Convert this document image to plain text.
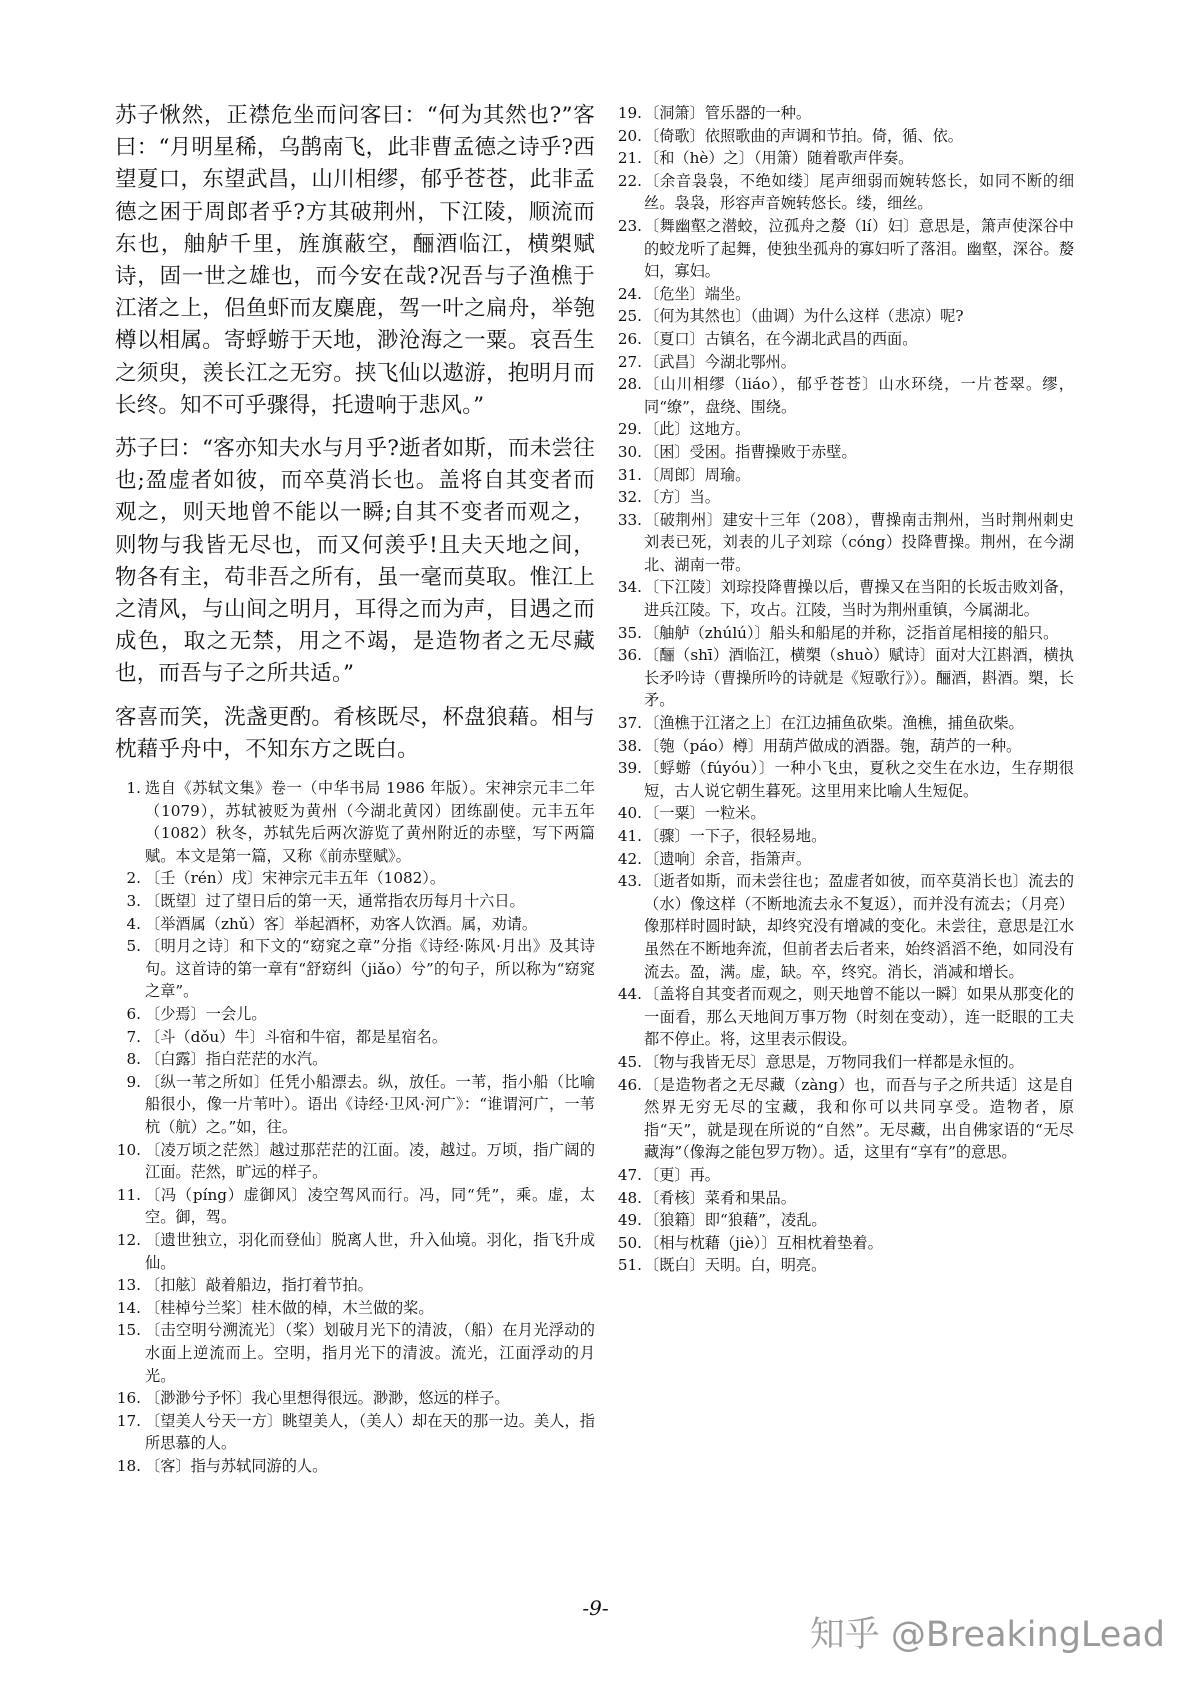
苏子愀然，正襟危坐而问客曰：“何为其然也?”客曰：“月明星稀，乌鹊南飞，此非曹孟德之诗乎?西望夏口，东望武昌，山川相缪，郁乎苍苍，此非孟德之困于周郎者乎?方其破荆州，下江陵，顺流而东也，舳舻千里，旌旗蔽空，酾酒临江，横槊赋诗，固一世之雄也，而今安在哉?况吾与子渔樵于江渚之上，侣鱼虾而友麋鹿，驾一叶之扁舟，举匏樽以相属。寄蜉蝣于天地，渺沧海之一粟。哀吾生之须臾，羡长江之无穷。挟飞仙以遨游，抱明月而长终。知不可乎骤得，托遗响于悲风。”

苏子曰：“客亦知夫水与月乎?逝者如斯，而未尝往也;盈虚者如彼，而卒莫消长也。盖将自其变者而观之，则天地曾不能以一瞬;自其不变者而观之，则物与我皆无尽也，而又何羡乎!且夫天地之间，物各有主，苟非吾之所有，虽一毫而莫取。惟江上之清风，与山间之明月，耳得之而为声，目遇之而成色，取之无禁，用之不竭，是造物者之无尽藏也，而吾与子之所共适。”

客喜而笑，洗盏更酌。肴核既尽，杯盘狼藉。相与枕藉乎舟中，不知东方之既白。

1. 选自《苏轼文集》卷一（中华书局 1986 年版）。宋神宗元丰二年（1079），苏轼被贬为黄州（今湖北黄冈）团练副使。元丰五年（1082）秋冬，苏轼先后两次游览了黄州附近的赤壁，写下两篇赋。本文是第一篇，又称《前赤壁赋》。
2. 〔壬（rén）戌〕宋神宗元丰五年（1082）。
3. 〔既望〕过了望日后的第一天，通常指农历每月十六日。
4. 〔举酒属（zhǔ）客〕举起酒杯，劝客人饮酒。属，劝请。
5. 〔明月之诗〕和下文的“窈窕之章”分指《诗经·陈风·月出》及其诗句。这首诗的第一章有“舒窈纠（jiǎo）兮”的句子，所以称为“窈窕之章”。
6. 〔少焉〕一会儿。
7. 〔斗（dǒu）牛〕斗宿和牛宿，都是星宿名。
8. 〔白露〕指白茫茫的水汽。
9. 〔纵一苇之所如〕任凭小船漂去。纵，放任。一苇，指小船（比喻船很小，像一片苇叶）。语出《诗经·卫风·河广》：“谁谓河广，一苇杭（航）之。”如，往。
10. 〔凌万顷之茫然〕越过那茫茫的江面。凌，越过。万顷，指广阔的江面。茫然，旷远的样子。
11. 〔冯（píng）虚御风〕凌空驾风而行。冯，同“凭”，乘。虚，太空。御，驾。
12. 〔遗世独立，羽化而登仙〕脱离人世，升入仙境。羽化，指飞升成仙。
13. 〔扣舷〕敲着船边，指打着节拍。
14. 〔桂棹兮兰桨〕桂木做的棹，木兰做的桨。
15. 〔击空明兮溯流光〕（桨）划破月光下的清波，（船）在月光浮动的水面上逆流而上。空明，指月光下的清波。流光，江面浮动的月光。
16. 〔渺渺兮予怀〕我心里想得很远。渺渺，悠远的样子。
17. 〔望美人兮天一方〕眺望美人，（美人）却在天的那一边。美人，指所思慕的人。
18. 〔客〕指与苏轼同游的人。
19. 〔洞箫〕管乐器的一种。
20. 〔倚歌〕依照歌曲的声调和节拍。倚，循、依。
21. 〔和（hè）之〕（用箫）随着歌声伴奏。
22. 〔余音袅袅，不绝如缕〕尾声细弱而婉转悠长，如同不断的细丝。袅袅，形容声音婉转悠长。缕，细丝。
23. 〔舞幽壑之潜蛟，泣孤舟之嫠（lí）妇〕意思是，箫声使深谷中的蛟龙听了起舞，使独坐孤舟的寡妇听了落泪。幽壑，深谷。嫠妇，寡妇。
24. 〔危坐〕端坐。
25. 〔何为其然也〕（曲调）为什么这样（悲凉）呢?
26. 〔夏口〕古镇名，在今湖北武昌的西面。
27. 〔武昌〕今湖北鄂州。
28. 〔山川相缪（liáo），郁乎苍苍〕山水环绕，一片苍翠。缪，同“缭”，盘绕、围绕。
29. 〔此〕这地方。
30. 〔困〕受困。指曹操败于赤壁。
31. 〔周郎〕周瑜。
32. 〔方〕当。
33. 〔破荆州〕建安十三年（208），曹操南击荆州，当时荆州刺史刘表已死，刘表的儿子刘琮（cóng）投降曹操。荆州，在今湖北、湖南一带。
34. 〔下江陵〕刘琮投降曹操以后，曹操又在当阳的长坂击败刘备，进兵江陵。下，攻占。江陵，当时为荆州重镇，今属湖北。
35. 〔舳舻（zhúlú）〕船头和船尾的并称，泛指首尾相接的船只。
36. 〔酾（shī）酒临江，横槊（shuò）赋诗〕面对大江斟酒，横执长矛吟诗（曹操所吟的诗就是《短歌行》）。酾酒，斟酒。槊，长矛。
37. 〔渔樵于江渚之上〕在江边捕鱼砍柴。渔樵，捕鱼砍柴。
38. 〔匏（páo）樽〕用葫芦做成的酒器。匏，葫芦的一种。
39. 〔蜉蝣（fúyóu）〕一种小飞虫，夏秋之交生在水边，生存期很短，古人说它朝生暮死。这里用来比喻人生短促。
40. 〔一粟〕一粒米。
41. 〔骤〕一下子，很轻易地。
42. 〔遗响〕余音，指箫声。
43. 〔逝者如斯，而未尝往也；盈虚者如彼，而卒莫消长也〕流去的（水）像这样（不断地流去永不复返），而并没有流去；（月亮）像那样时圆时缺，却终究没有增减的变化。未尝往，意思是江水虽然在不断地奔流，但前者去后者来，始终滔滔不绝，如同没有流去。盈，满。虚，缺。卒，终究。消长，消减和增长。
44. 〔盖将自其变者而观之，则天地曾不能以一瞬〕如果从那变化的一面看，那么天地间万事万物（时刻在变动），连一眨眼的工夫都不停止。将，这里表示假设。
45. 〔物与我皆无尽〕意思是，万物同我们一样都是永恒的。
46. 〔是造物者之无尽藏（zàng）也，而吾与子之所共适〕这是自然界无穷无尽的宝藏，我和你可以共同享受。造物者，原指“天”，就是现在所说的“自然”。无尽藏，出自佛家语的“无尽藏海”（像海之能包罗万物）。适，这里有“享有”的意思。
47. 〔更〕再。
48. 〔肴核〕菜肴和果品。
49. 〔狼籍〕即“狼藉”，凌乱。
50. 〔相与枕藉（jiè）〕互相枕着垫着。
51. 〔既白〕天明。白，明亮。
-9-
知乎 @BreakingLead
